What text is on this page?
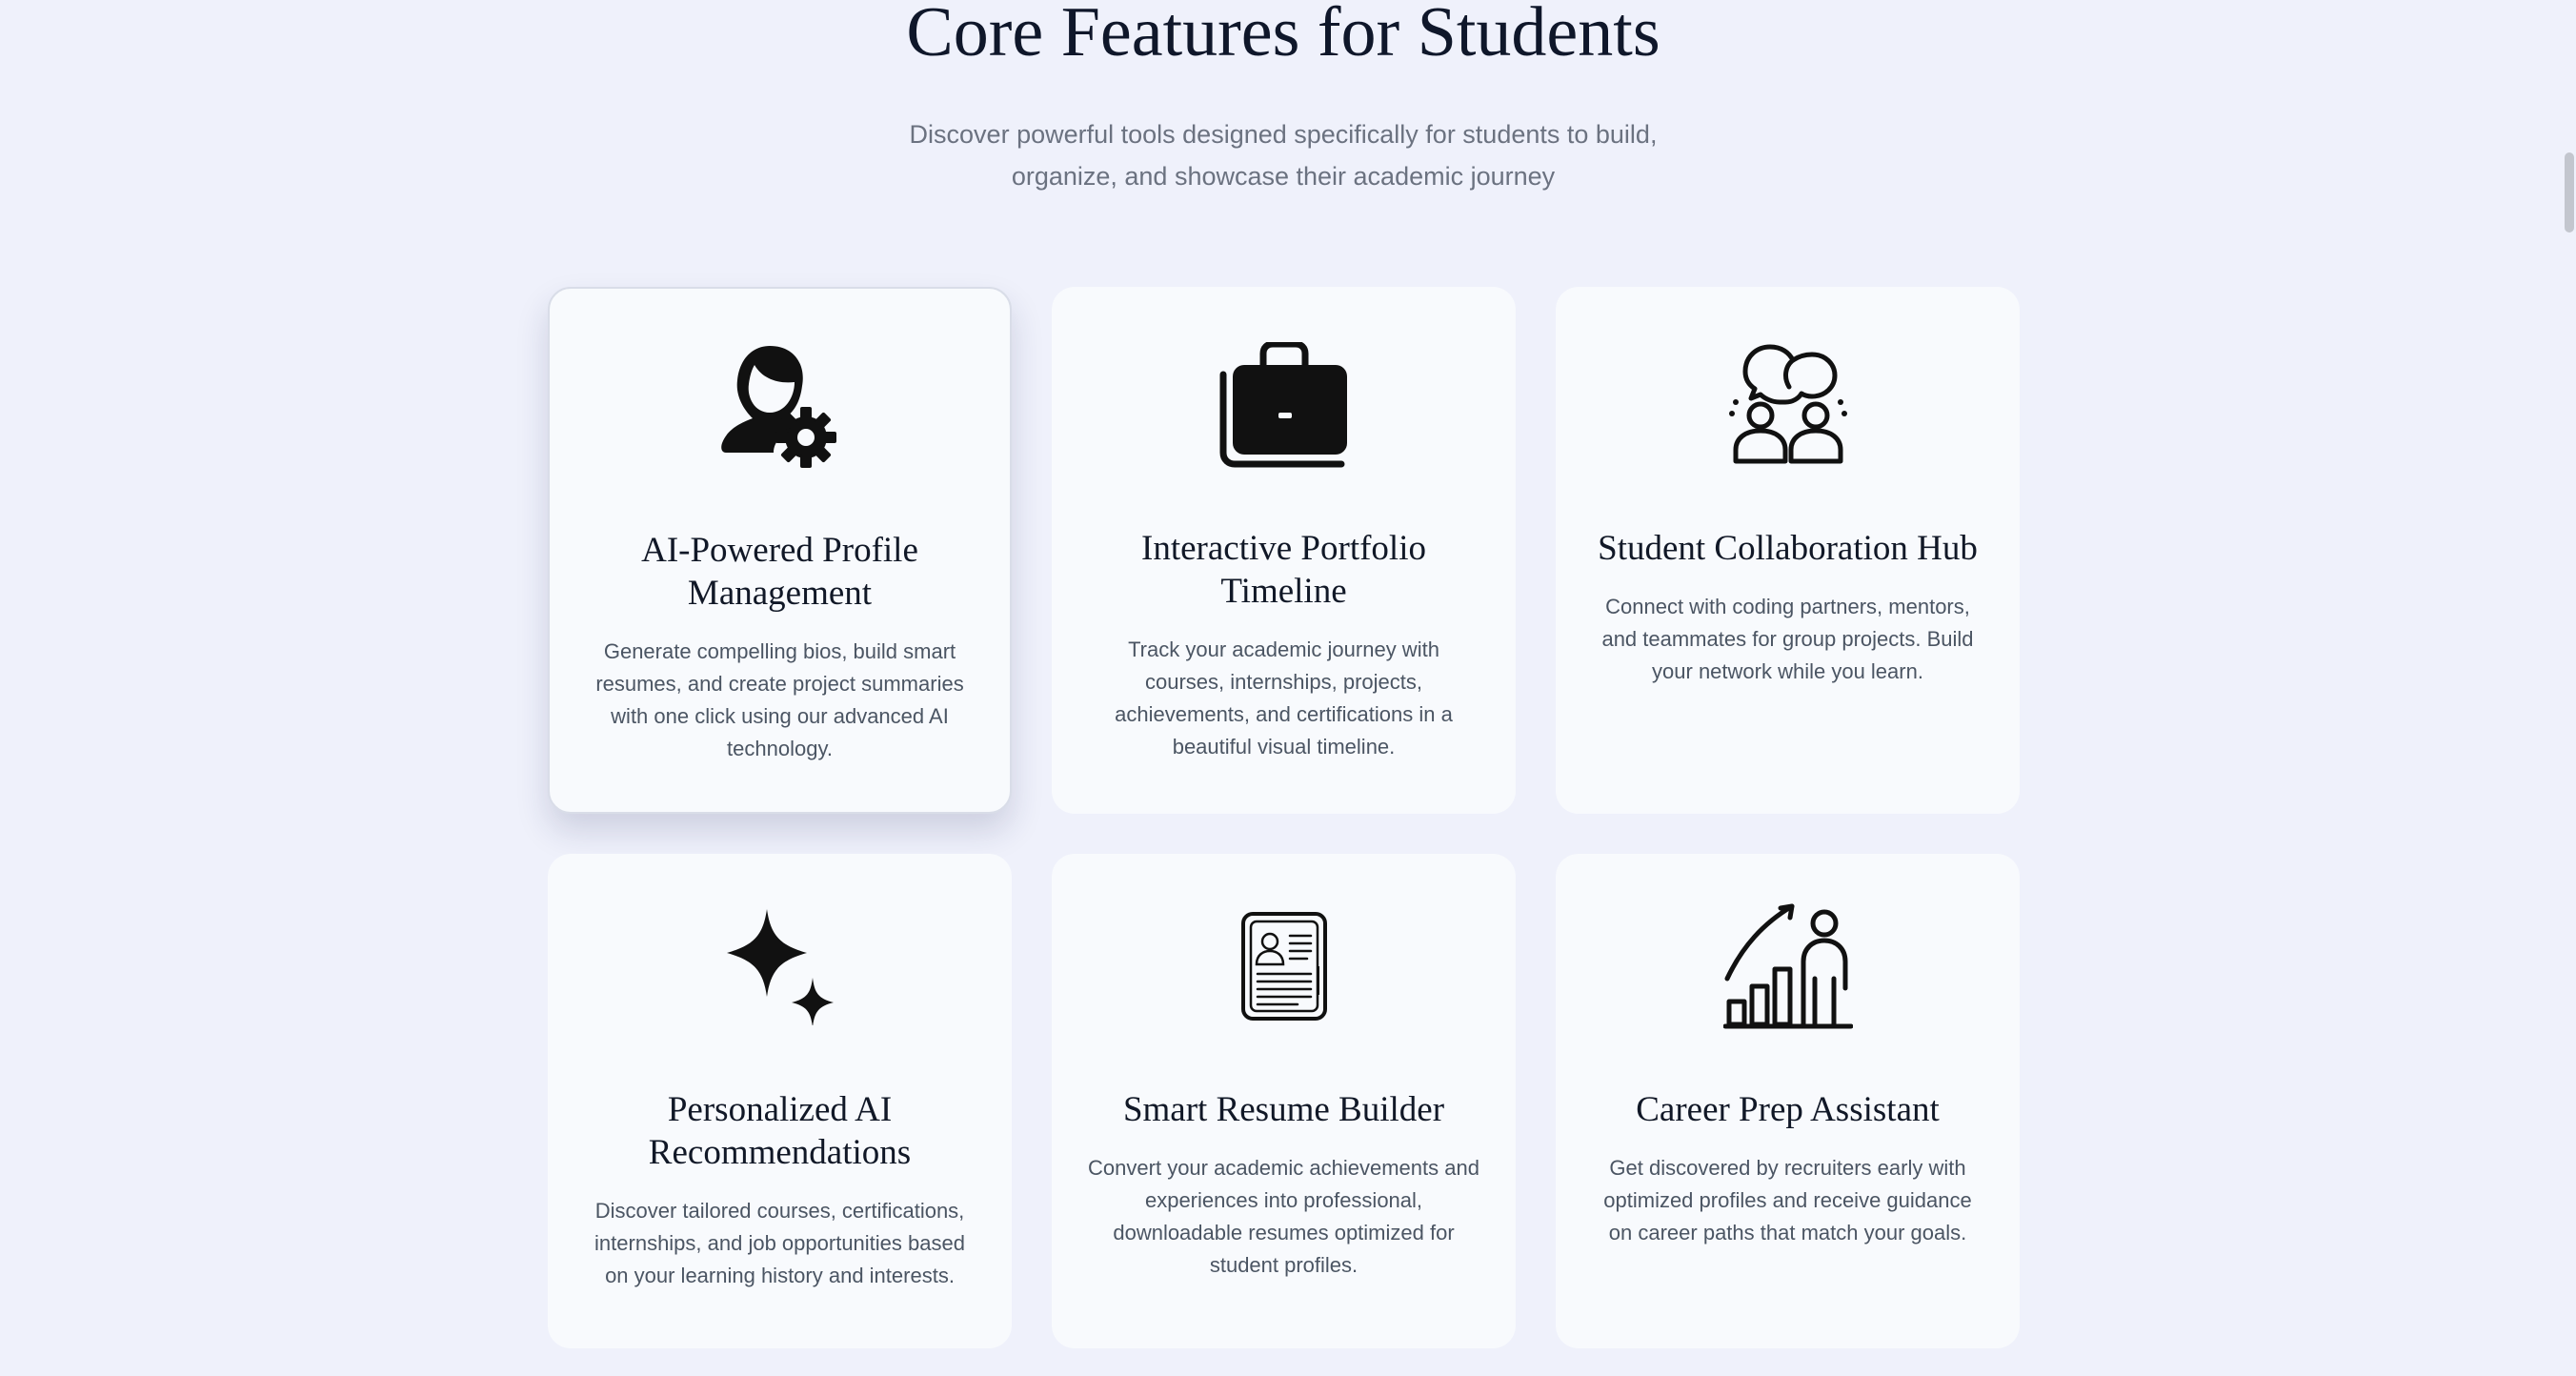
Core Features for Students

Discover powerful tools designed specifically for students to build, organize, and showcase their academic journey

AI-Powered Profile Management

Generate compelling bios, build smart resumes, and create project summaries with one click using our advanced AI technology.

Interactive Portfolio Timeline

Track your academic journey with courses, internships, projects, achievements, and certifications in a beautiful visual timeline.

Student Collaboration Hub

Connect with coding partners, mentors, and teammates for group projects. Build your network while you learn.

Personalized AI Recommendations

Discover tailored courses, certifications, internships, and job opportunities based on your learning history and interests.

Smart Resume Builder

Convert your academic achievements and experiences into professional, downloadable resumes optimized for student profiles.

Career Prep Assistant

Get discovered by recruiters early with optimized profiles and receive guidance on career paths that match your goals.
